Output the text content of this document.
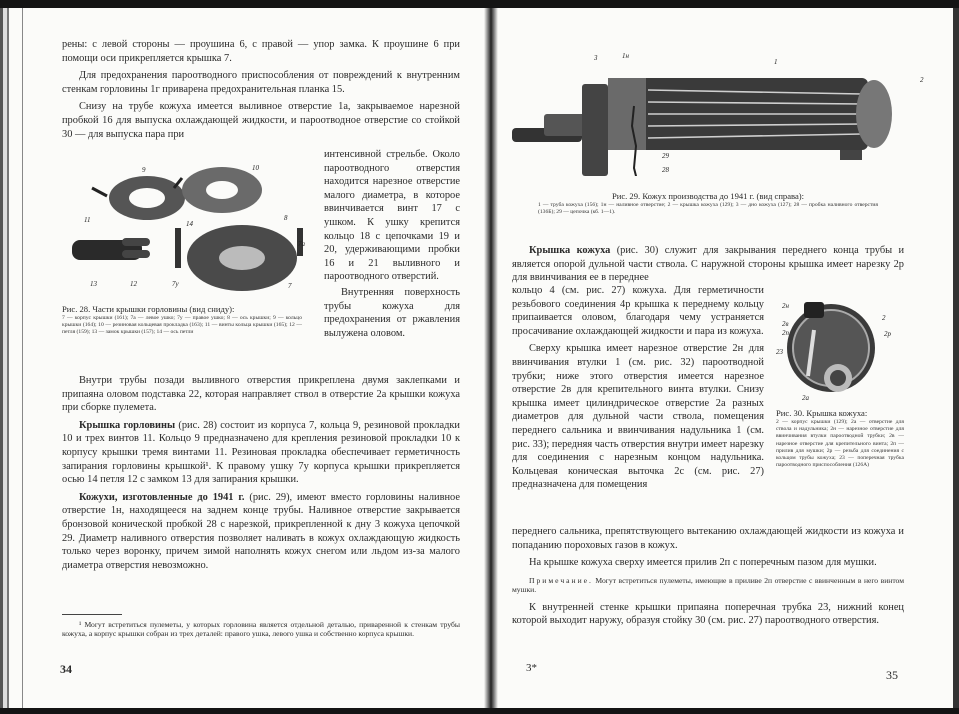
рены: с левой стороны — проушина 6, с правой — упор замка. К проушине 6 при помощи оси прикрепляется крышка 7.

Для предохранения пароотводного приспособления от повреждений к внутренним стенкам горловины 1г приварена предохранительная планка 15.

Снизу на трубе кожуха имеется выливное отверстие 1а, закрываемое нарезной пробкой 16 для выпуска охлаждающей жидкости, и пароотводное отверстие со стойкой 30 — для выпуска пара при

9	10
11	8
14
7а
13	12	7у	7
Рис. 28. Части крышки горловины (вид сниду):
7 — корпус крышки (161); 7а — левое ушко; 7у — правое ушко; 8 — ось крышки; 9 — кольцо крышки (164); 10 — резиновая кольцевая прокладка (163); 11 — винты кольца крышки (165); 12 — петля (159); 13 — замок крышки (157); 14 — ось петли

интенсивной стрельбе. Около пароотводного отверстия находится нарезное отверстие малого диаметра, в которое ввинчивается винт 17 с ушком. К ушку крепится кольцо 18 с цепочками 19 и 20, удерживающими пробки 16 и 21 выливного и пароотводного отверстий.

Внутренняя поверхность трубы кожуха для предохранения от ржавления вылужена оловом.

Внутри трубы позади выливного отверстия прикреплена двумя заклепками и припаяна оловом подставка 22, которая направляет ствол в отверстие 2а крышки кожуха при сборке пулемета.

Крышка горловины (рис. 28) состоит из корпуса 7, кольца 9, резиновой прокладки 10 и трех винтов 11. Кольцо 9 предназначено для крепления резиновой прокладки 10 к корпусу крышки тремя винтами 11. Резиновая прокладка обеспечивает герметичность запирания горловины крышкой¹. К правому ушку 7у корпуса крышки прикрепляется осью 14 петля 12 с замком 13 для запирания крышки.

Кожухи, изготовленные до 1941 г. (рис. 29), имеют вместо горловины наливное отверстие 1н, находящееся на заднем конце трубы. Наливное отверстие закрывается бронзовой конической пробкой 28 с нарезкой, прикрепленной к дну 3 кожуха цепочкой 29. Диаметр наливного отверстия позволяет наливать в кожух охлаждающую жидкость только через воронку, причем зимой наполнять кожух снегом или льдом из-за малого диаметра отверстия невозможно.

¹ Могут встретиться пулеметы, у которых горловина является отдельной деталью, приваренной к стенкам трубы кожуха, а корпус крышки собран из трех деталей: правого ушка, левого ушка и собственно корпуса крышки.

34
3	1н
1
2
29
28
Рис. 29. Кожух производства до 1941 г. (вид справа):
1 — труба кожуха (156); 1н — наливное отверстие; 2 — крышка кожуха (129); 3 — дно кожуха (127); 28 — пробка наливного отверстия (136Б); 29 — цепочка (кб. 1—1).

Крышка кожуха (рис. 30) служит для закрывания переднего конца трубы и является опорой дульной части ствола. С наружной стороны крышка имеет нарезку 2р для ввинчивания ее в переднее

кольцо 4 (см. рис. 27) кожуха. Для герметичности резьбового соединения 4р крышка к переднему кольцу припаивается оловом, благодаря чему устраняется просачивание охлаждающей жидкости и пара из кожуха.

Сверху крышка имеет нарезное отверстие 2н для ввинчивания втулки 1 (см. рис. 32) пароотводной трубки; ниже этого отверстия имеется нарезное отверстие 2в для крепительного винта втулки. Снизу крышка имеет цилиндрическое отверстие 2а разных диаметров для дульной части ствола, помещения переднего сальника и ввинчивания надульника 1 (см. рис. 33); передняя часть отверстия внутри имеет нарезку для соединения с нарезным концом надульника. Кольцевая коническая выточка 2с (см. рис. 27) предназначена для помещения

переднего сальника, препятствующего вытеканию охлаждающей жидкости из кожуха и попаданию пороховых газов в кожух.

На крышке кожуха сверху имеется прилив 2п с поперечным пазом для мушки.

Примечание. Могут встретиться пулеметы, имеющие в приливе 2п отверстие с ввинченным в него винтом мушки.

К внутренней стенке крышки припаяна поперечная трубка 23, нижний конец которой выходит наружу, образуя стойку 30 (см. рис. 27) пароотводного отверстия.

2н
2
2в
2п	2р
23
2а
Рис. 30. Крышка кожуха:
2 — корпус крышки (129); 2а — отверстие для ствола и надульника; 2н — нарезное отверстие для ввинчивания втулки пароотводной трубки; 2в — нарезное отверстие для крепительного винта; 2п — прилив для мушки; 2р — резьба для соединения с кольцом трубы кожуха; 23 — поперечная трубка пароотводного приспособления (126А)
3*	35
